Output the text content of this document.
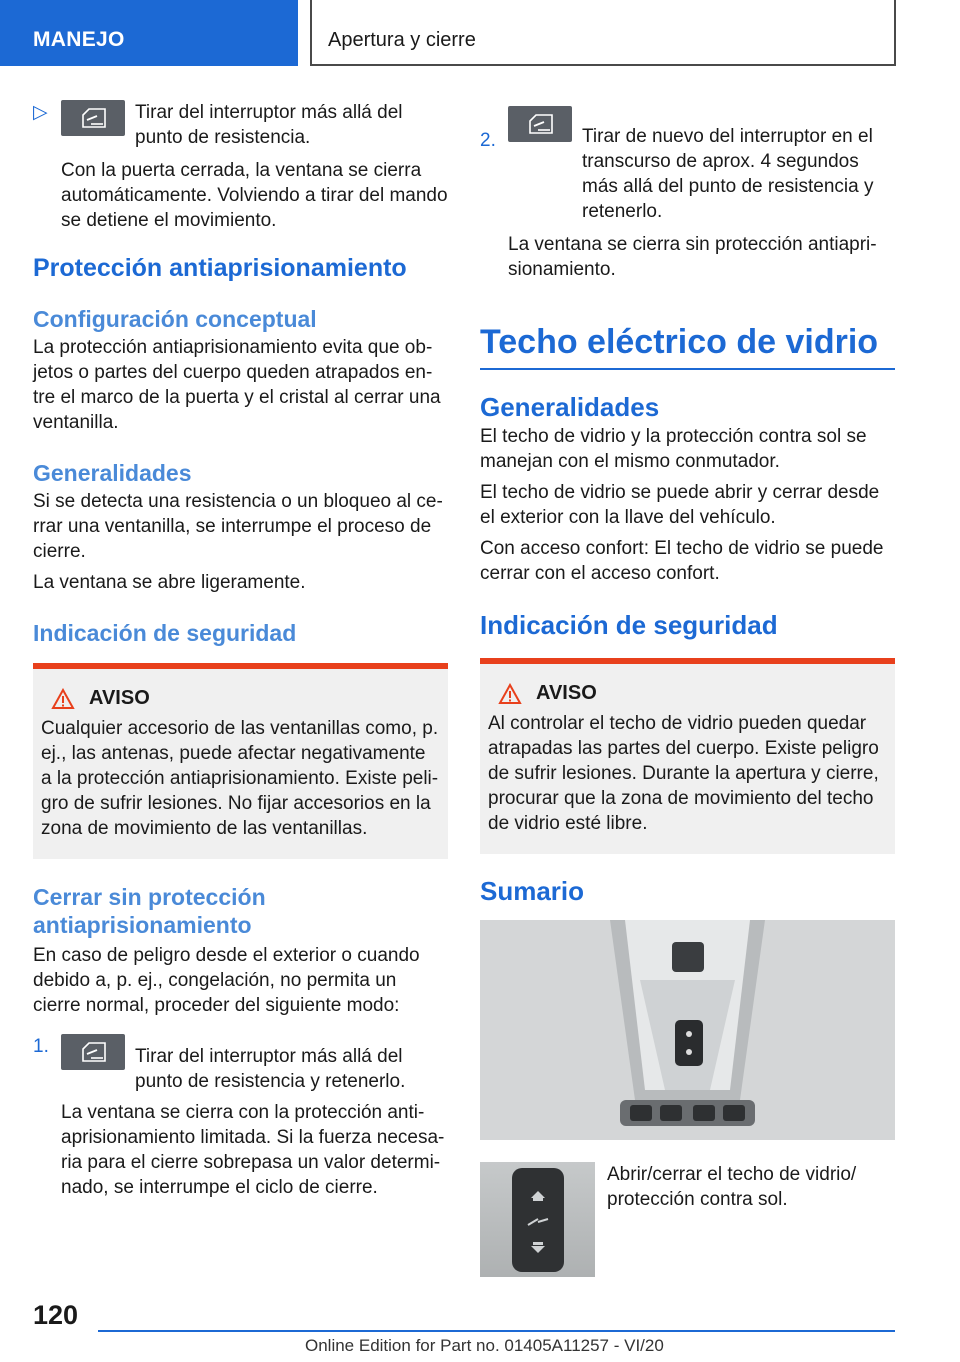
MANEJO	Apertura y cierre
▷	Tirar del interruptor más allá del punto de resistencia.

Con la puerta cerrada, la ventana se cierra automáticamente. Volviendo a tirar del mando se detiene el movimiento.

Protección antiaprisionamiento
Configuración conceptual

La protección antiaprisionamiento evita que objetos o partes del cuerpo queden atrapados entre el marco de la puerta y el cristal al cerrar una ventanilla.

Generalidades

Si se detecta una resistencia o un bloqueo al cerrar una ventanilla, se interrumpe el proceso de cierre.

La ventana se abre ligeramente.

Indicación de seguridad
AVISO

Cualquier accesorio de las ventanillas como, p. ej., las antenas, puede afectar negativamente a la protección antiaprisionamiento. Existe peligro de sufrir lesiones. No fijar accesorios en la zona de movimiento de las ventanillas.

Cerrar sin protección antiaprisionamiento

En caso de peligro desde el exterior o cuando debido a, p. ej., congelación, no permita un cierre normal, proceder del siguiente modo:

1.	Tirar del interruptor más allá del punto de resistencia y retenerlo.

La ventana se cierra con la protección antiaprisionamiento limitada. Si la fuerza necesaria para el cierre sobrepasa un valor determinado, se interrumpe el ciclo de cierre.

2.	Tirar de nuevo del interruptor en el transcurso de aprox. 4 segundos más allá del punto de resistencia y retenerlo.

La ventana se cierra sin protección antiaprisionamiento.

Techo eléctrico de vidrio
Generalidades

El techo de vidrio y la protección contra sol se manejan con el mismo conmutador.

El techo de vidrio se puede abrir y cerrar desde el exterior con la llave del vehículo.

Con acceso confort: El techo de vidrio se puede cerrar con el acceso confort.

Indicación de seguridad
AVISO

Al controlar el techo de vidrio pueden quedar atrapadas las partes del cuerpo. Existe peligro de sufrir lesiones. Durante la apertura y cierre, procurar que la zona de movimiento del techo de vidrio esté libre.

Sumario

Abrir/cerrar el techo de vidrio/ protección contra sol.

120
Online Edition for Part no. 01405A11257 - VI/20
